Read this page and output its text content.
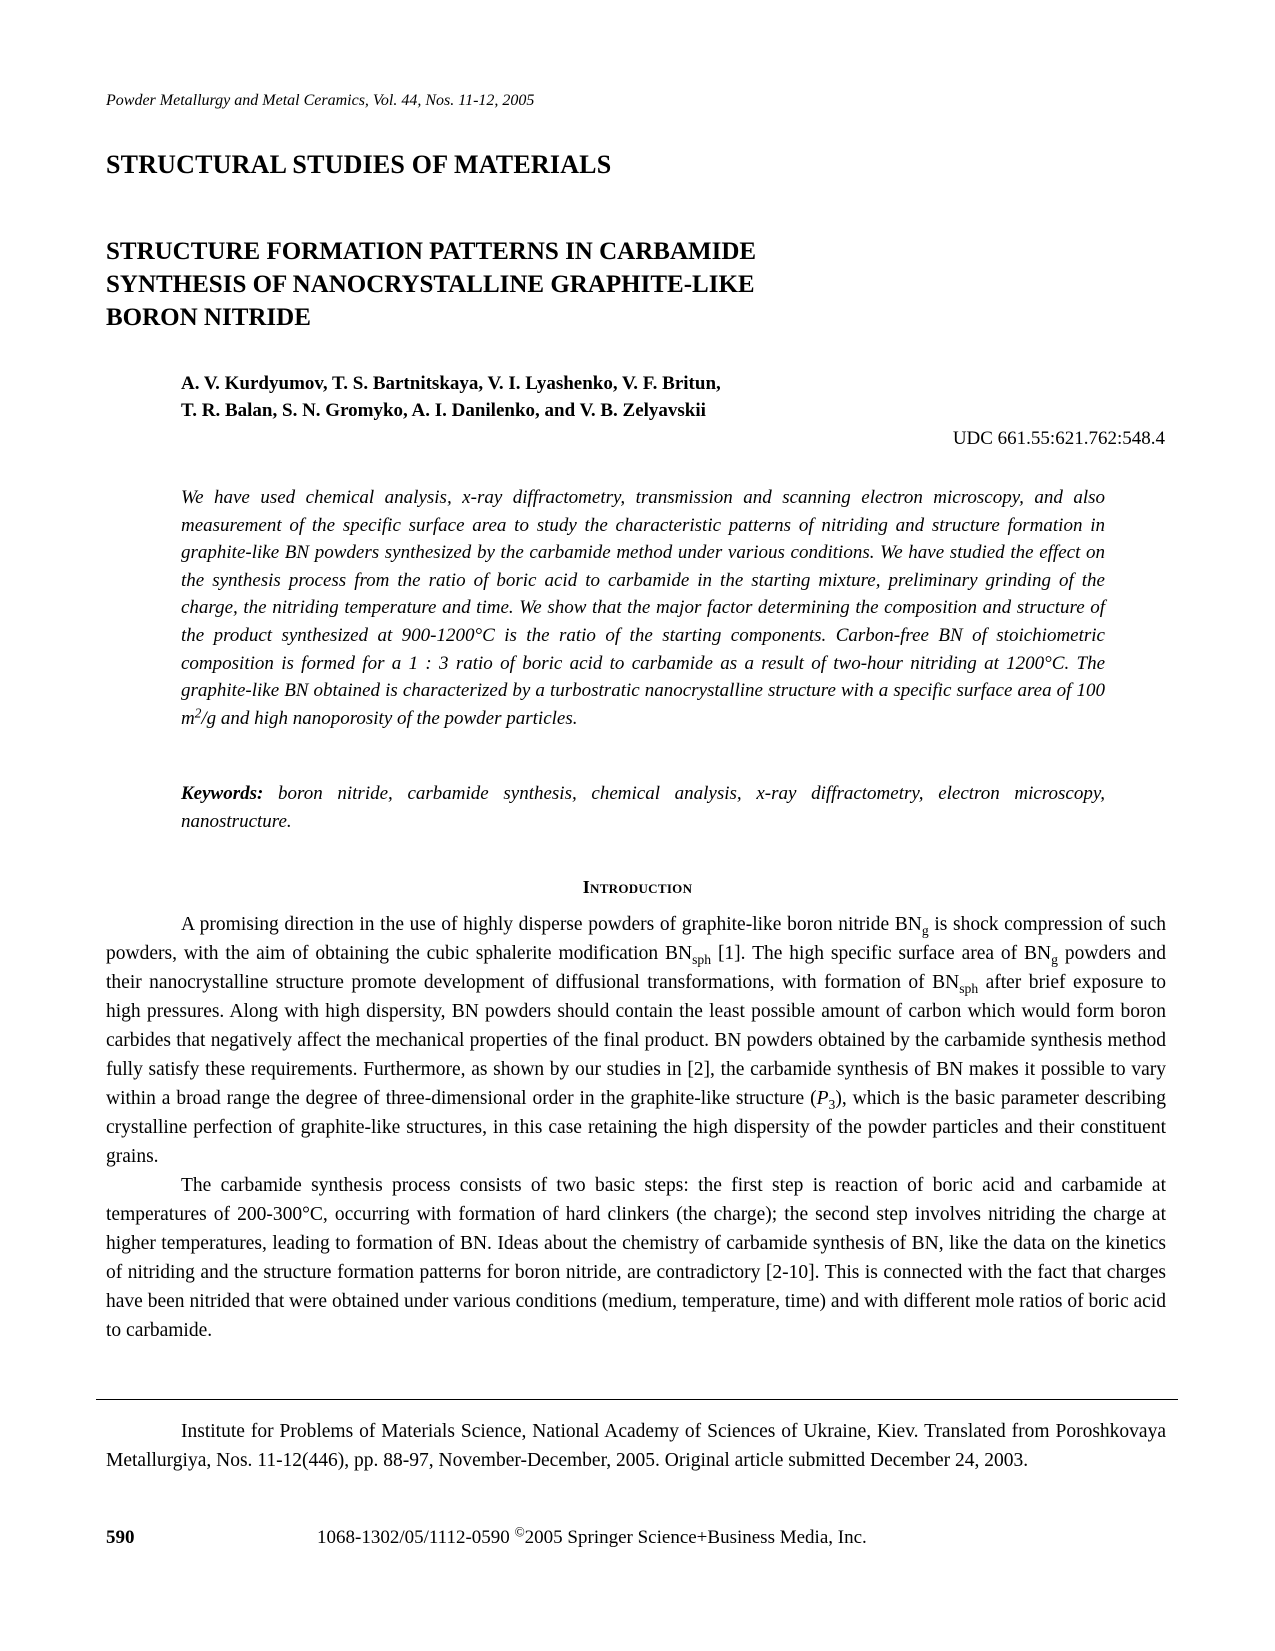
Powder Metallurgy and Metal Ceramics, Vol. 44, Nos. 11-12, 2005
STRUCTURAL STUDIES OF MATERIALS
STRUCTURE FORMATION PATTERNS IN CARBAMIDE
SYNTHESIS OF NANOCRYSTALLINE GRAPHITE-LIKE
BORON NITRIDE
A. V. Kurdyumov, T. S. Bartnitskaya, V. I. Lyashenko, V. F. Britun,
T. R. Balan, S. N. Gromyko, A. I. Danilenko, and V. B. Zelyavskii
UDC 661.55:621.762:548.4
We have used chemical analysis, x-ray diffractometry, transmission and scanning electron microscopy, and also measurement of the specific surface area to study the characteristic patterns of nitriding and structure formation in graphite-like BN powders synthesized by the carbamide method under various conditions. We have studied the effect on the synthesis process from the ratio of boric acid to carbamide in the starting mixture, preliminary grinding of the charge, the nitriding temperature and time. We show that the major factor determining the composition and structure of the product synthesized at 900-1200°C is the ratio of the starting components. Carbon-free BN of stoichiometric composition is formed for a 1 : 3 ratio of boric acid to carbamide as a result of two-hour nitriding at 1200°C. The graphite-like BN obtained is characterized by a turbostratic nanocrystalline structure with a specific surface area of 100 $m^2/g$ and high nanoporosity of the powder particles.
Keywords: boron nitride, carbamide synthesis, chemical analysis, x-ray diffractometry, electron microscopy, nanostructure.
Introduction

A promising direction in the use of highly disperse powders of graphite-like boron nitride $BN_g$ is shock compression of such powders, with the aim of obtaining the cubic sphalerite modification $BN_{sph}$ [1]. The high specific surface area of $BN_g$ powders and their nanocrystalline structure promote development of diffusional transformations, with formation of $BN_{sph}$ after brief exposure to high pressures. Along with high dispersity, BN powders should contain the least possible amount of carbon which would form boron carbides that negatively affect the mechanical properties of the final product. BN powders obtained by the carbamide synthesis method fully satisfy these requirements. Furthermore, as shown by our studies in [2], the carbamide synthesis of BN makes it possible to vary within a broad range the degree of three-dimensional order in the graphite-like structure $(P_3)$, which is the basic parameter describing crystalline perfection of graphite-like structures, in this case retaining the high dispersity of the powder particles and their constituent grains.

The carbamide synthesis process consists of two basic steps: the first step is reaction of boric acid and carbamide at temperatures of 200-300°C, occurring with formation of hard clinkers (the charge); the second step involves nitriding the charge at higher temperatures, leading to formation of BN. Ideas about the chemistry of carbamide synthesis of BN, like the data on the kinetics of nitriding and the structure formation patterns for boron nitride, are contradictory [2-10]. This is connected with the fact that charges have been nitrided that were obtained under various conditions (medium, temperature, time) and with different mole ratios of boric acid to carbamide.

Institute for Problems of Materials Science, National Academy of Sciences of Ukraine, Kiev. Translated from Poroshkovaya Metallurgiya, Nos. 11-12(446), pp. 88-97, November-December, 2005. Original article submitted December 24, 2003.
590	1068-1302/05/1112-0590 ©2005 Springer Science+Business Media, Inc.
